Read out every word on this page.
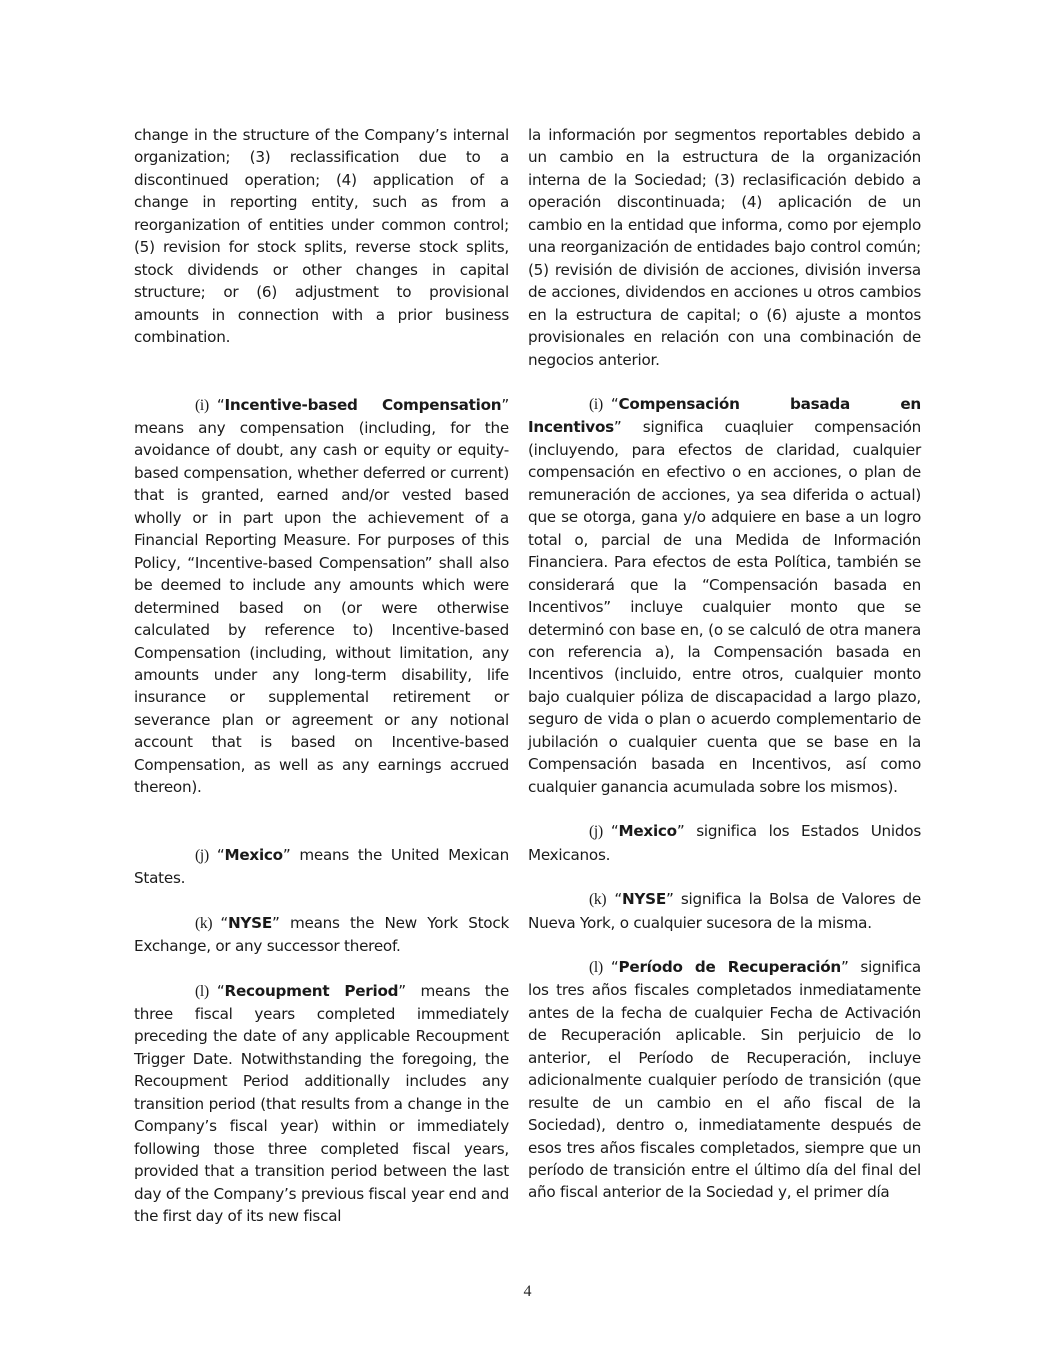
change in the structure of the Company’s internal organization; (3) reclassification due to a discontinued operation; (4) application of a change in reporting entity, such as from a reorganization of entities under common control; (5) revision for stock splits, reverse stock splits, stock dividends or other changes in capital structure; or (6) adjustment to provisional amounts in connection with a prior business combination.

(i) “Incentive-based Compensation” means any compensation (including, for the avoidance of doubt, any cash or equity or equity-based compensation, whether deferred or current) that is granted, earned and/or vested based wholly or in part upon the achievement of a Financial Reporting Measure. For purposes of this Policy, “Incentive-based Compensation” shall also be deemed to include any amounts which were determined based on (or were otherwise calculated by reference to) Incentive-based Compensation (including, without limitation, any amounts under any long-term disability, life insurance or supplemental retirement or severance plan or agreement or any notional account that is based on Incentive-based Compensation, as well as any earnings accrued thereon).
(j) “Mexico” means the United Mexican States.
(k) “NYSE” means the New York Stock Exchange, or any successor thereof.
(l) “Recoupment Period” means the three fiscal years completed immediately preceding the date of any applicable Recoupment Trigger Date. Notwithstanding the foregoing, the Recoupment Period additionally includes any transition period (that results from a change in the Company’s fiscal year) within or immediately following those three completed fiscal years, provided that a transition period between the last day of the Company’s previous fiscal year end and the first day of its new fiscal

la información por segmentos reportables debido a un cambio en la estructura de la organización interna de la Sociedad; (3) reclasificación debido a operación discontinuada; (4) aplicación de un cambio en la entidad que informa, como por ejemplo una reorganización de entidades bajo control común; (5) revisión de división de acciones, división inversa de acciones, dividendos en acciones u otros cambios en la estructura de capital; o (6) ajuste a montos provisionales en relación con una combinación de negocios anterior.

(i) “Compensación basada en Incentivos” significa cuaqluier compensación (incluyendo, para efectos de claridad, cualquier compensación en efectivo o en acciones, o plan de remuneración de acciones, ya sea diferida o actual) que se otorga, gana y/o adquiere en base a un logro total o, parcial de una Medida de Información Financiera. Para efectos de esta Política, también se considerará que la “Compensación basada en Incentivos” incluye cualquier monto que se determinó con base en, (o se calculó de otra manera con referencia a), la Compensación basada en Incentivos (incluido, entre otros, cualquier monto bajo cualquier póliza de discapacidad a largo plazo, seguro de vida o plan o acuerdo complementario de jubilación o cualquier cuenta que se base en la Compensación basada en Incentivos, así como cualquier ganancia acumulada sobre los mismos).
(j) “Mexico” significa los Estados Unidos Mexicanos.
(k) “NYSE” significa la Bolsa de Valores de Nueva York, o cualquier sucesora de la misma.
(l) “Período de Recuperación” significa los tres años fiscales completados inmediatamente antes de la fecha de cualquier Fecha de Activación de Recuperación aplicable. Sin perjuicio de lo anterior, el Período de Recuperación, incluye adicionalmente cualquier período de transición (que resulte de un cambio en el año fiscal de la Sociedad), dentro o, inmediatamente después de esos tres años fiscales completados, siempre que un período de transición entre el último día del final del año fiscal anterior de la Sociedad y, el primer día
4
